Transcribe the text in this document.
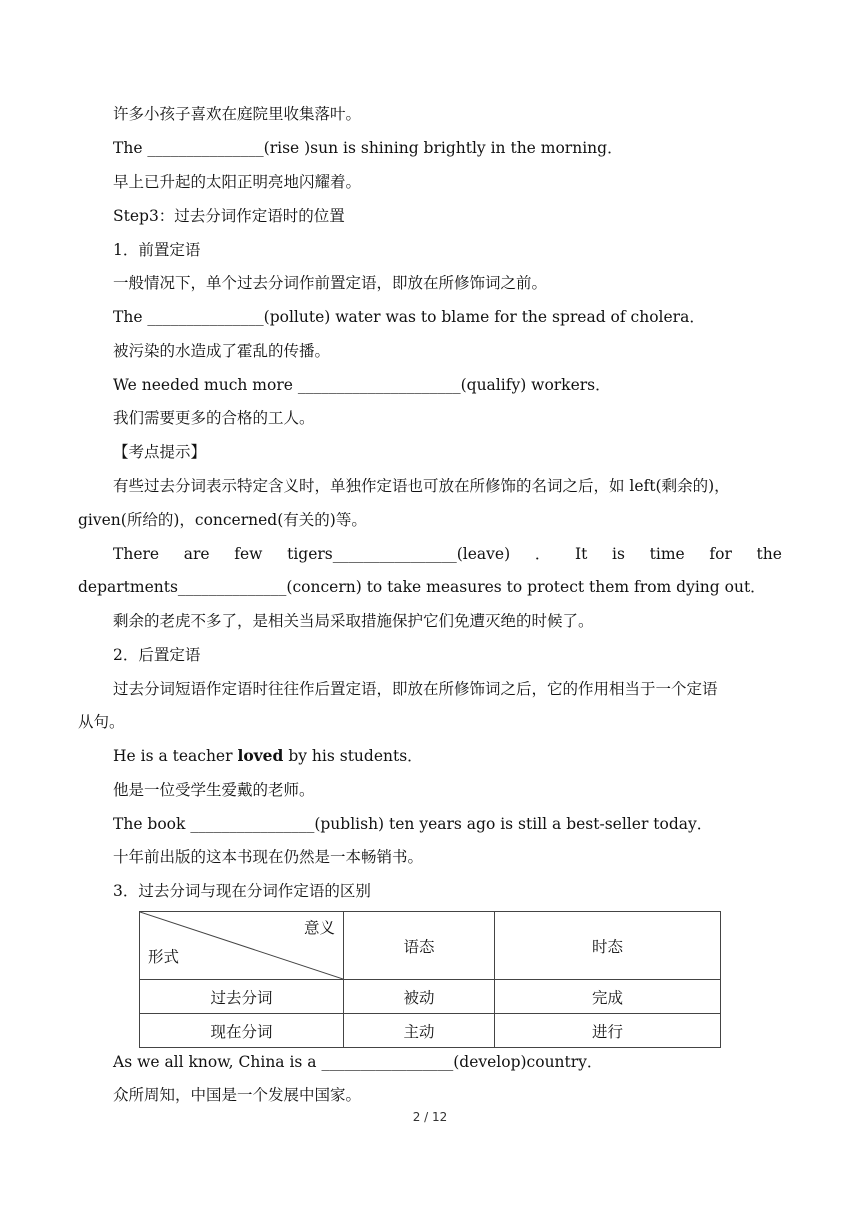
许多小孩子喜欢在庭院里收集落叶。
The _______________(rise )sun is shining brightly in the morning．
早上已升起的太阳正明亮地闪耀着。
Step3：过去分词作定语时的位置
1．前置定语
一般情况下，单个过去分词作前置定语，即放在所修饰词之前。
The _______________(pollute) water was to blame for the spread of cholera．
被污染的水造成了霍乱的传播。
We needed much more _____________________(qualify) workers．
我们需要更多的合格的工人。
【考点提示】
有些过去分词表示特定含义时，单独作定语也可放在所修饰的名词之后，如 left(剩余的)，
given(所给的)，concerned(有关的)等。
There are few tigers________________(leave) ． It is time for the
departments______________(concern) to take measures to protect them from dying out．
剩余的老虎不多了，是相关当局采取措施保护它们免遭灭绝的时候了。
2．后置定语
过去分词短语作定语时往往作后置定语，即放在所修饰词之后，它的作用相当于一个定语
从句。
He is a teacher loved by his students．
他是一位受学生爱戴的老师。
The book ________________(publish) ten years ago is still a best-seller today．
十年前出版的这本书现在仍然是一本畅销书。
3．过去分词与现在分词作定语的区别
意义
形式	语态	时态
过去分词	被动	完成
现在分词	主动	进行
As we all know, China is a _________________(develop)country．
众所周知，中国是一个发展中国家。
2 / 12
